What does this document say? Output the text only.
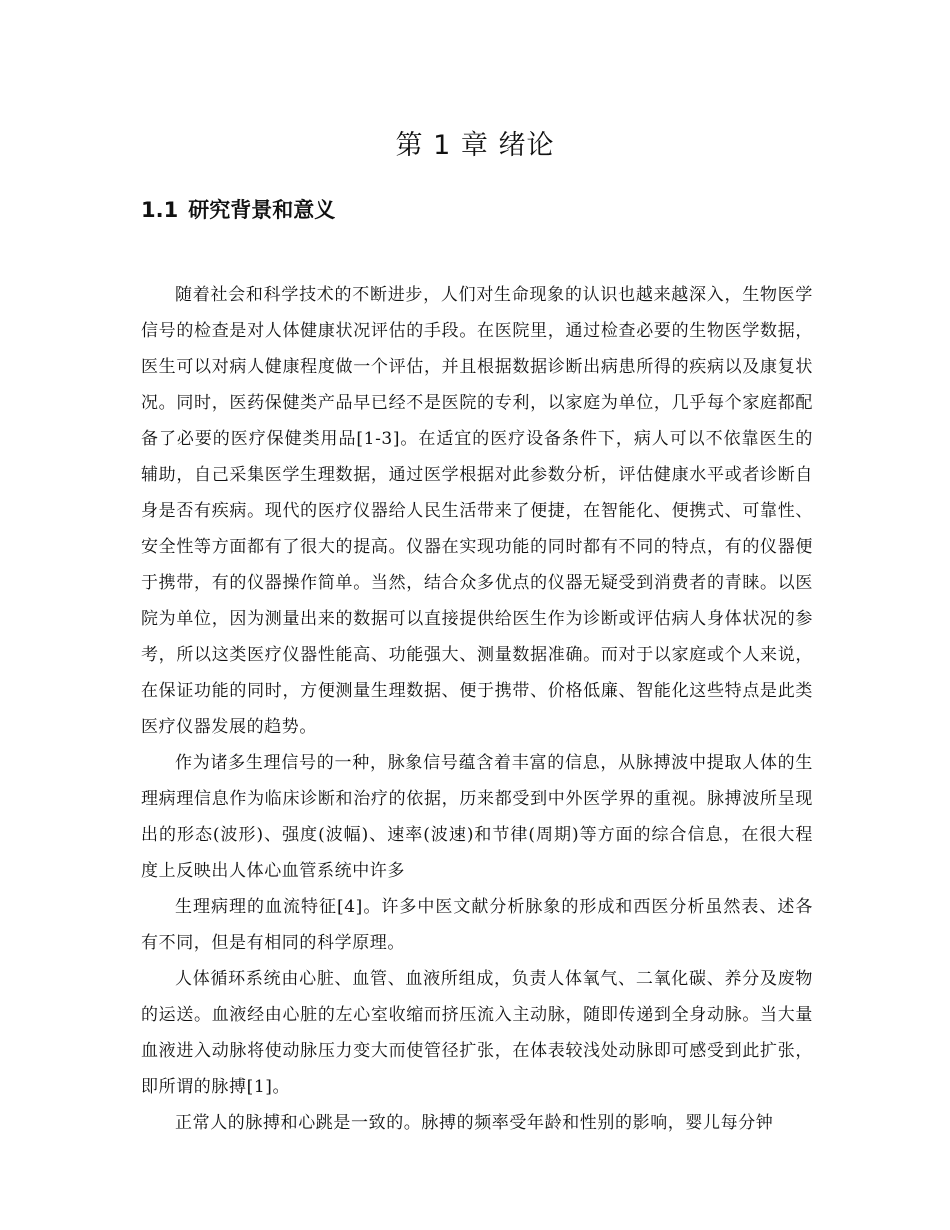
第 1 章 绪论
1.1 研究背景和意义

随着社会和科学技术的不断进步，人们对生命现象的认识也越来越深入，生物医学信号的检查是对人体健康状况评估的手段。在医院里，通过检查必要的生物医学数据，医生可以对病人健康程度做一个评估，并且根据数据诊断出病患所得的疾病以及康复状况。同时，医药保健类产品早已经不是医院的专利，以家庭为单位，几乎每个家庭都配备了必要的医疗保健类用品[1-3]。在适宜的医疗设备条件下，病人可以不依靠医生的辅助，自己采集医学生理数据，通过医学根据对此参数分析，评估健康水平或者诊断自身是否有疾病。现代的医疗仪器给人民生活带来了便捷，在智能化、便携式、可靠性、安全性等方面都有了很大的提高。仪器在实现功能的同时都有不同的特点，有的仪器便于携带，有的仪器操作简单。当然，结合众多优点的仪器无疑受到消费者的青睐。以医院为单位，因为测量出来的数据可以直接提供给医生作为诊断或评估病人身体状况的参考，所以这类医疗仪器性能高、功能强大、测量数据准确。而对于以家庭或个人来说，在保证功能的同时，方便测量生理数据、便于携带、价格低廉、智能化这些特点是此类医疗仪器发展的趋势。

作为诸多生理信号的一种，脉象信号蕴含着丰富的信息，从脉搏波中提取人体的生理病理信息作为临床诊断和治疗的依据，历来都受到中外医学界的重视。脉搏波所呈现出的形态(波形)、强度(波幅)、速率(波速)和节律(周期)等方面的综合信息，在很大程度上反映出人体心血管系统中许多

生理病理的血流特征[4]。许多中医文献分析脉象的形成和西医分析虽然表、述各有不同，但是有相同的科学原理。

人体循环系统由心脏、血管、血液所组成，负责人体氧气、二氧化碳、养分及废物的运送。血液经由心脏的左心室收缩而挤压流入主动脉，随即传递到全身动脉。当大量血液进入动脉将使动脉压力变大而使管径扩张，在体表较浅处动脉即可感受到此扩张，即所谓的脉搏[1]。

正常人的脉搏和心跳是一致的。脉搏的频率受年龄和性别的影响，婴儿每分钟
